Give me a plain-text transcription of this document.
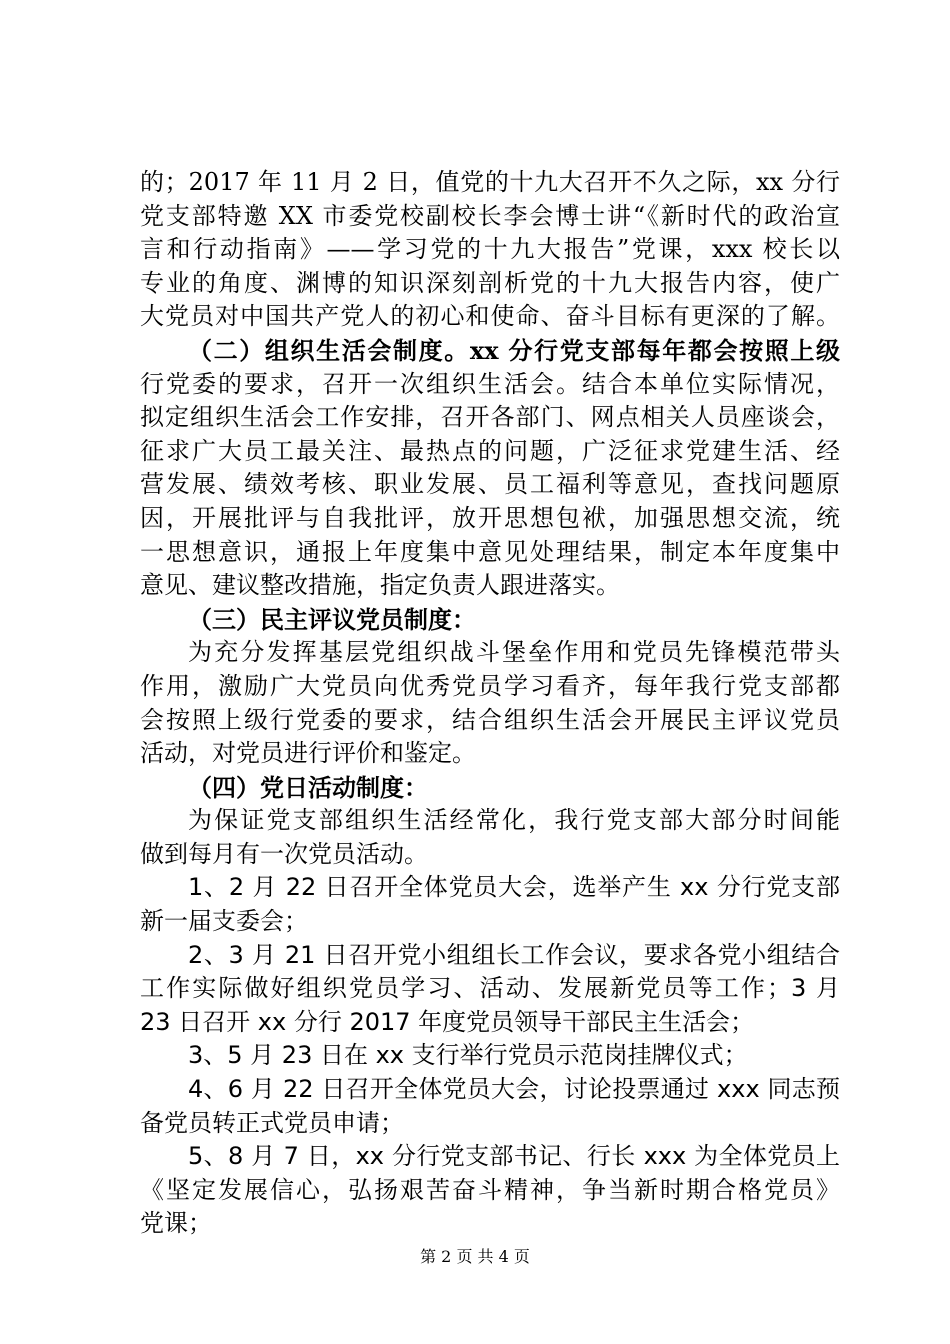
的；2017 年 11 月 2 日，值党的十九大召开不久之际，xx 分行
党支部特邀 XX 市委党校副校长李会博士讲“《新时代的政治宣
言和行动指南》——学习党的十九大报告”党课，xxx 校长以
专业的角度、渊博的知识深刻剖析党的十九大报告内容，使广
大党员对中国共产党人的初心和使命、奋斗目标有更深的了解。
（二）组织生活会制度。xx 分行党支部每年都会按照上级
行党委的要求，召开一次组织生活会。结合本单位实际情况，
拟定组织生活会工作安排，召开各部门、网点相关人员座谈会，
征求广大员工最关注、最热点的问题，广泛征求党建生活、经
营发展、绩效考核、职业发展、员工福利等意见，查找问题原
因，开展批评与自我批评，放开思想包袱，加强思想交流，统
一思想意识，通报上年度集中意见处理结果，制定本年度集中
意见、建议整改措施，指定负责人跟进落实。
（三）民主评议党员制度：
为充分发挥基层党组织战斗堡垒作用和党员先锋模范带头
作用，激励广大党员向优秀党员学习看齐，每年我行党支部都
会按照上级行党委的要求，结合组织生活会开展民主评议党员
活动，对党员进行评价和鉴定。
（四）党日活动制度：
为保证党支部组织生活经常化，我行党支部大部分时间能
做到每月有一次党员活动。
1、2 月 22 日召开全体党员大会，选举产生 xx 分行党支部
新一届支委会；
2、3 月 21 日召开党小组组长工作会议，要求各党小组结合
工作实际做好组织党员学习、活动、发展新党员等工作；3 月
23 日召开 xx 分行 2017 年度党员领导干部民主生活会；
3、5 月 23 日在 xx 支行举行党员示范岗挂牌仪式；
4、6 月 22 日召开全体党员大会，讨论投票通过 xxx 同志预
备党员转正式党员申请；
5、8 月 7 日，xx 分行党支部书记、行长 xxx 为全体党员上
《坚定发展信心，弘扬艰苦奋斗精神，争当新时期合格党员》
党课；
第 2 页 共 4 页
